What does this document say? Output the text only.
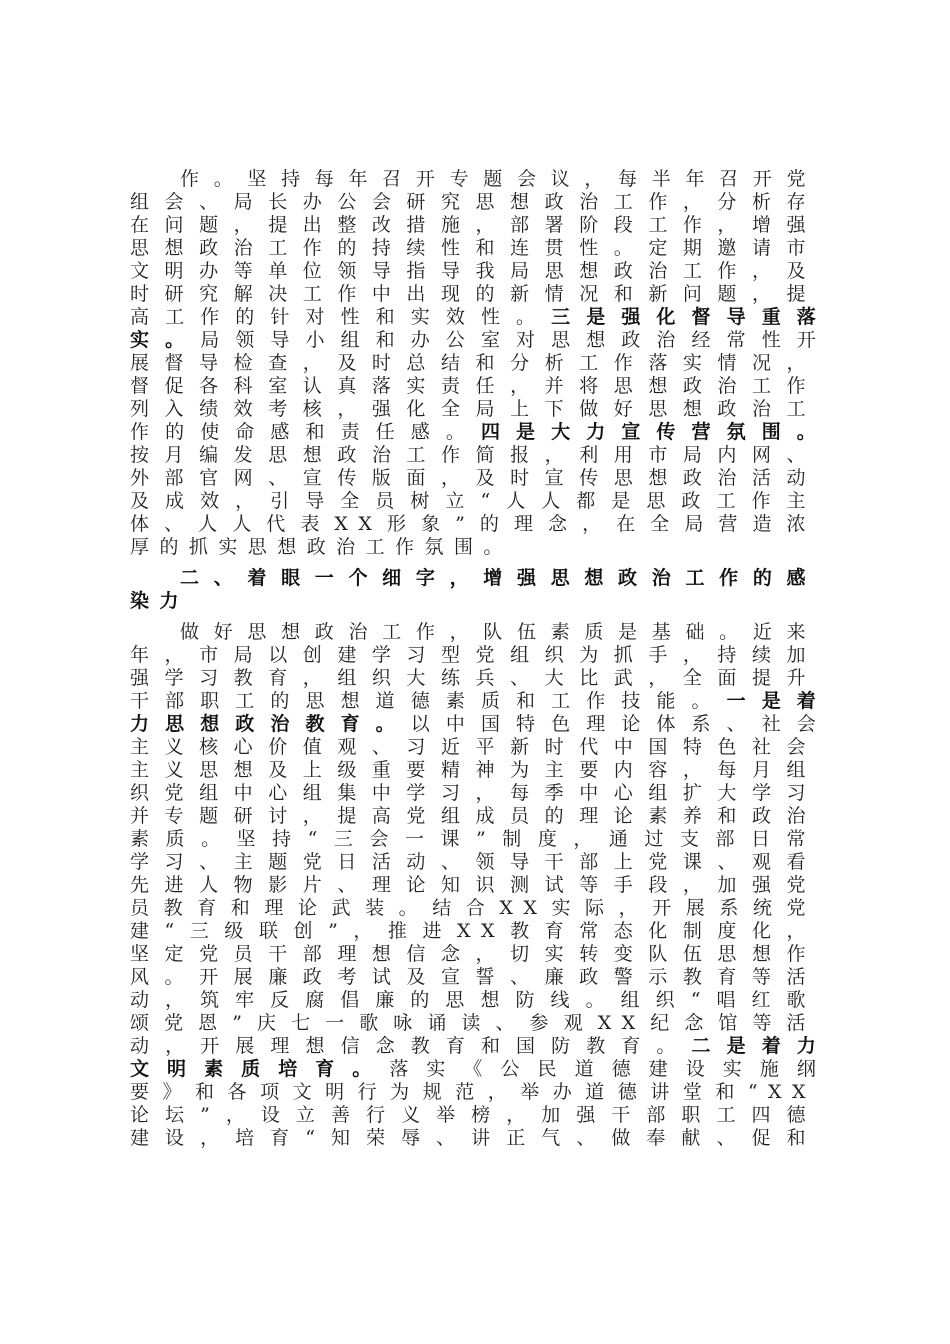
作。坚持每年召开专题会议，每半年召开党
组会、局长办公会研究思想政治工作，分析存
在问题，提出整改措施，部署阶段工作，增强
思想政治工作的持续性和连贯性。定期邀请市
文明办等单位领导指导我局思想政治工作，及
时研究解决工作中出现的新情况和新问题，提
高 工 作 的 针 对 性 和 实 效 性 。 三 是 强 化 督 导 重 落
实 。 局 领 导 小 组 和 办 公 室 对 思 想 政 治 经 常 性 开
展督导检查，及时总结和分析工作落实情况，
督促各科室认真落实责任，并将思想政治工作
列入绩效考核，强化全局上下做好思想政治工
作 的 使 命 感 和 责 任 感 。 四 是 大 力 宣 传 营 氛 围 。
按月编发思想政治工作简报，利用市局内网、
外部官网、宣传版面，及时宣传思想政治活动
及成效，引导全员树立“人人都是思政工作主
体、人人代表XX形象”的理念，在全局营造浓
厚的抓实思想政治工作氛围。
二、着眼一个细字，增强思想政治工作的感
染力
做好思想政治工作，队伍素质是基础。近来
年，市局以创建学习型党组织为抓手，持续加
强学习教育，组织大练兵、大比武，全面提升
干 部 职 工 的 思 想 道 德 素 质 和 工 作 技 能 。 一 是 着
力 思 想 政 治 教 育 。 以 中 国 特 色 理 论 体 系 、 社 会
主义核心价值观、习近平新时代中国特色社会
主义思想及上级重要精神为主要内容，每月组
织党组中心组集中学习，每季中心组扩大学习
并专题研讨，提高党组成员的理论素养和政治
素质。坚持“三会一课”制度，通过支部日常
学习、主题党日活动、领导干部上党课、观看
先进人物影片、理论知识测试等手段，加强党
员教育和理论武装。结合XX实际，开展系统党
建“三级联创”，推进XX教育常态化制度化，
坚定党员干部理想信念，切实转变队伍思想作
风。开展廉政考试及宣誓、廉政警示教育等活
动，筑牢反腐倡廉的思想防线。组织“唱红歌
颂党恩”庆七一歌咏诵读、参观XX纪念馆等活
动 ， 开 展 理 想 信 念 教 育 和 国 防 教 育 。 二 是 着 力
文 明 素 质 培 育 。 落 实 《 公 民 道 德 建 设 实 施 纲
要》和各项文明行为规范，举办道德讲堂和“XX
论坛”，设立善行义举榜，加强干部职工四德
建设，培育“知荣辱、讲正气、做奉献、促和
